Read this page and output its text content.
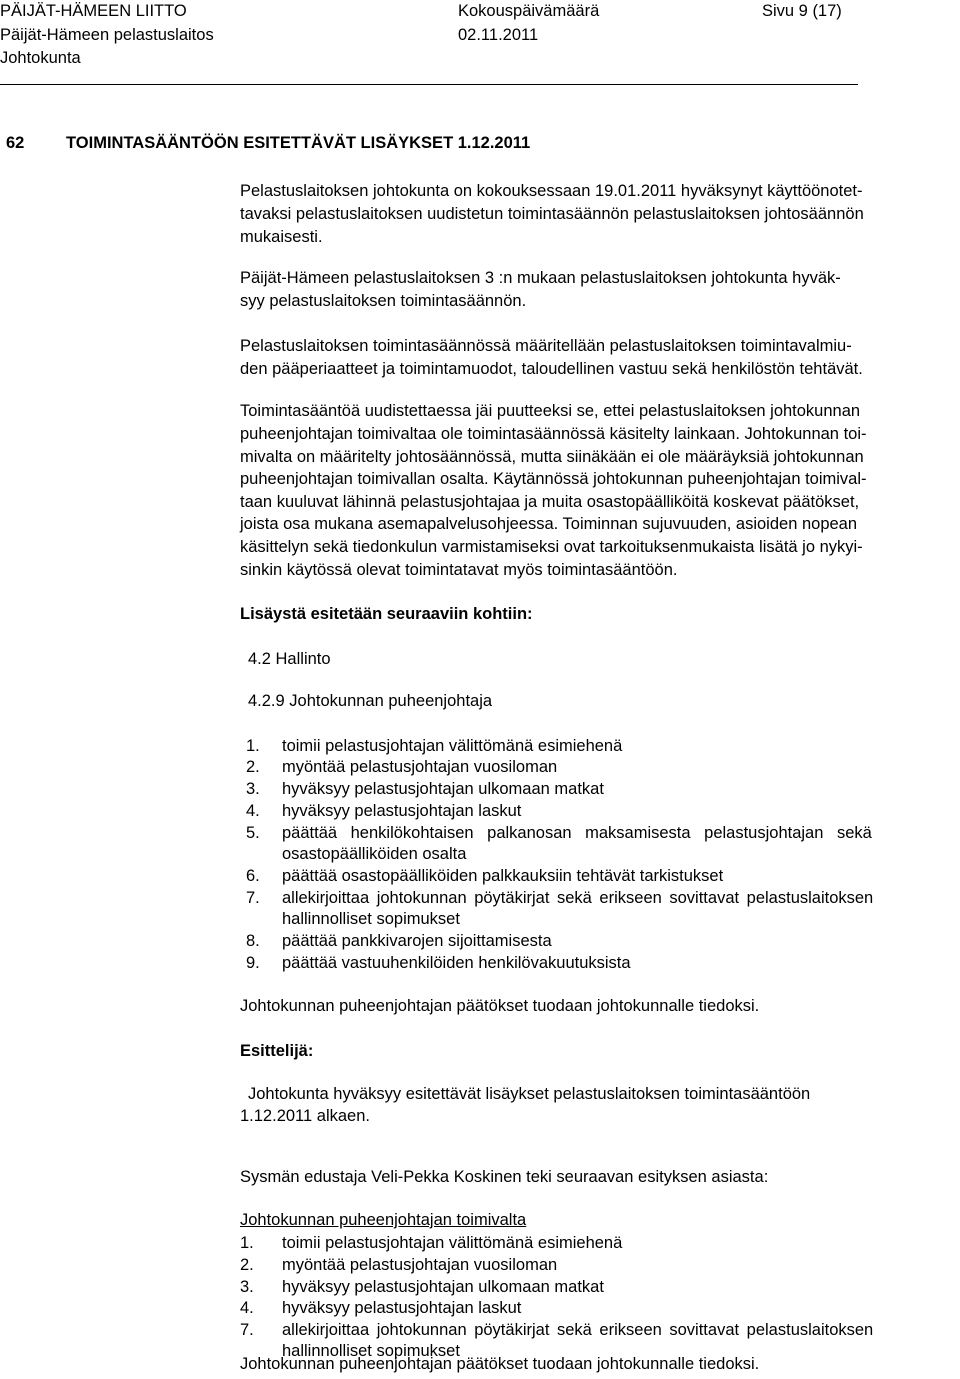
PÄIJÄT-HÄMEEN LIITTO
Päijät-Hämeen pelastuslaitos
Johtokunta
Kokouspäivämäärä
02.11.2011
Sivu 9 (17)
62	TOIMINTASÄÄNTÖÖN ESITETTÄVÄT LISÄYKSET 1.12.2011
Pelastuslaitoksen johtokunta on kokouksessaan 19.01.2011 hyväksynyt käyttöönotet-
tavaksi pelastuslaitoksen uudistetun toimintasäännön pelastuslaitoksen johtosäännön
mukaisesti.
Päijät-Hämeen pelastuslaitoksen 3 :n mukaan pelastuslaitoksen johtokunta hyväk-
syy pelastuslaitoksen toimintasäännön.
Pelastuslaitoksen toimintasäännössä määritellään pelastuslaitoksen toimintavalmiu-
den pääperiaatteet ja toimintamuodot, taloudellinen vastuu sekä henkilöstön tehtävät.
Toimintasääntöä uudistettaessa jäi puutteeksi se, ettei pelastuslaitoksen johtokunnan
puheenjohtajan toimivaltaa ole toimintasäännössä käsitelty lainkaan. Johtokunnan toi-
mivalta on määritelty johtosäännössä, mutta siinäkään ei ole määräyksiä johtokunnan
puheenjohtajan toimivallan osalta. Käytännössä johtokunnan puheenjohtajan toimival-
taan kuuluvat lähinnä pelastusjohtajaa ja muita osastopäälliköitä koskevat päätökset,
joista osa mukana asemapalvelusohjeessa. Toiminnan sujuvuuden, asioiden nopean
käsittelyn sekä tiedonkulun varmistamiseksi ovat tarkoituksenmukaista lisätä jo nykyi-
sinkin käytössä olevat toimintatavat myös toimintasääntöön.
Lisäystä esitetään seuraaviin kohtiin:
4.2 Hallinto
4.2.9 Johtokunnan puheenjohtaja
1. toimii pelastusjohtajan välittömänä esimiehenä
2. myöntää pelastusjohtajan vuosiloman
3. hyväksyy pelastusjohtajan ulkomaan matkat
4. hyväksyy pelastusjohtajan laskut
5. päättää henkilökohtaisen palkanosan maksamisesta pelastusjohtajan sekä
osastopäälliköiden osalta
6. päättää osastopäälliköiden palkkauksiin tehtävät tarkistukset
7. allekirjoittaa johtokunnan pöytäkirjat sekä erikseen sovittavat pelastuslaitoksen
hallinnolliset sopimukset
8. päättää pankkivarojen sijoittamisesta
9. päättää vastuuhenkilöiden henkilövakuutuksista
Johtokunnan puheenjohtajan päätökset tuodaan johtokunnalle tiedoksi.
Esittelijä:
Johtokunta hyväksyy esitettävät lisäykset pelastuslaitoksen toimintasääntöön
1.12.2011 alkaen.
Sysmän edustaja Veli-Pekka Koskinen teki seuraavan esityksen asiasta:
Johtokunnan puheenjohtajan toimivalta
1. toimii pelastusjohtajan välittömänä esimiehenä
2. myöntää pelastusjohtajan vuosiloman
3. hyväksyy pelastusjohtajan ulkomaan matkat
4. hyväksyy pelastusjohtajan laskut
7. allekirjoittaa johtokunnan pöytäkirjat sekä erikseen sovittavat pelastuslaitoksen
hallinnolliset sopimukset
Johtokunnan puheenjohtajan päätökset tuodaan johtokunnalle tiedoksi.
